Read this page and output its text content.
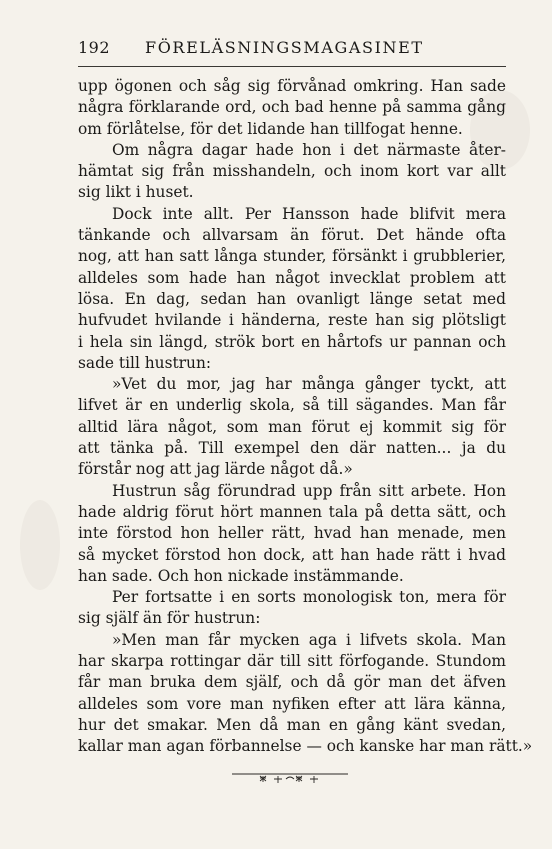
192 FÖRELÄSNINGSMAGASINET
upp ögonen och såg sig förvånad omkring. Han sade
några förklarande ord, och bad henne på samma gång
om förlåtelse, för det lidande han tillfogat henne.
Om några dagar hade hon i det närmaste åter-
hämtat sig från misshandeln, och inom kort var allt
sig likt i huset.
Dock inte allt. Per Hansson hade blifvit mera
tänkande och allvarsam än förut. Det hände ofta
nog, att han satt långa stunder, försänkt i grubblerier,
alldeles som hade han något invecklat problem att
lösa. En dag, sedan han ovanligt länge setat med
hufvudet hvilande i händerna, reste han sig plötsligt
i hela sin längd, strök bort en hårtofs ur pannan och
sade till hustrun:
»Vet du mor, jag har många gånger tyckt, att
lifvet är en underlig skola, så till sägandes. Man får
alltid lära något, som man förut ej kommit sig för
att tänka på. Till exempel den där natten... ja du
förstår nog att jag lärde något då.»
Hustrun såg förundrad upp från sitt arbete. Hon
hade aldrig förut hört mannen tala på detta sätt, och
inte förstod hon heller rätt, hvad han menade, men
så mycket förstod hon dock, att han hade rätt i hvad
han sade. Och hon nickade instämmande.
Per fortsatte i en sorts monologisk ton, mera för
sig själf än för hustrun:
»Men man får mycken aga i lifvets skola. Man
har skarpa rottingar där till sitt förfogande. Stundom
får man bruka dem själf, och då gör man det äfven
alldeles som vore man nyfiken efter att lära känna,
hur det smakar. Men då man en gång känt svedan,
kallar man agan förbannelse — och kanske har man rätt.»
